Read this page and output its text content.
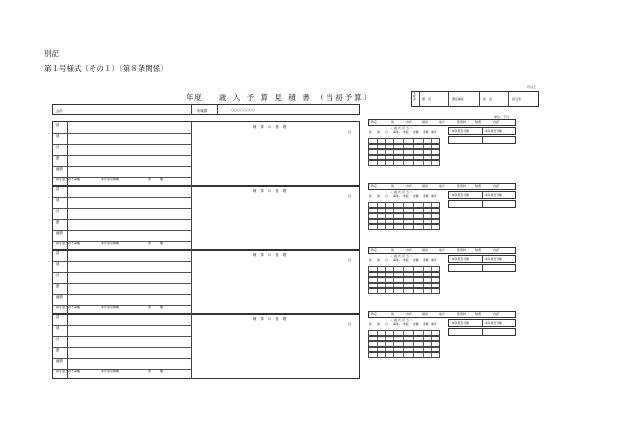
別記
第１号様式（その１）〔第８条関係〕
年度 歳 入 予 算 見 積 書 （当初予算）	主管課	課　長	課長補佐	係　長	担当者
円以上
会計	所属課	○○○○○○○○
単位：千円
款
項
目
節
細節
前年度当初予算額	本年度見積額	差　　　額
積 算 の 基 礎
円
特定	県	市町	諸収	地方	使用料	財源	内訳
＜ 歳 出 充 当 ＞
款 項 目 事業 件数 金額 差額 備考	前年度充当額	本年度充当額
款
項
目
節
細節
前年度当初予算額	本年度見積額	差　　　額
積 算 の 基 礎
円
特定	県	市町	諸収	地方	使用料	財源	内訳
＜ 歳 出 充 当 ＞
款 項 目 事業 件数 金額 差額 備考	前年度充当額	本年度充当額
款
項
目
節
細節
前年度当初予算額	本年度見積額	差　　　額
積 算 の 基 礎
円
特定	県	市町	諸収	地方	使用料	財源	内訳
＜ 歳 出 充 当 ＞
款 項 目 事業 件数 金額 差額 備考	前年度充当額	本年度充当額
款
項
目
節
細節
前年度当初予算額	本年度見積額	差　　　額
積 算 の 基 礎
円
特定	県	市町	諸収	地方	使用料	財源	内訳
＜ 歳 出 充 当 ＞
款 項 目 事業 件数 金額 差額 備考	前年度充当額	本年度充当額
